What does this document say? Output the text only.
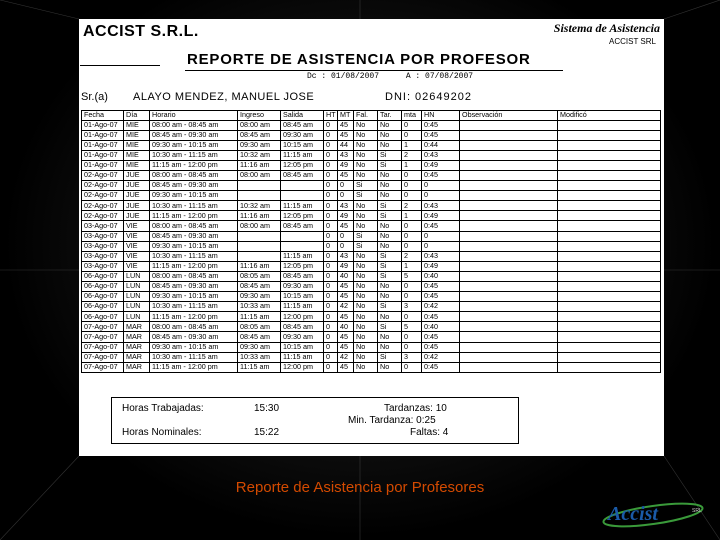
ACCIST S.R.L.	Sistema de Asistencia
ACCIST SRL
REPORTE DE ASISTENCIA POR PROFESOR
Dc : 01/08/2007	A : 07/08/2007
Sr.(a) ALAYO MENDEZ, MANUEL JOSE	DNI: 02649202
Fecha	Día	Horario	Ingreso	Salida	HT	MT	Fal.	Tar.	mta	HN	Observación	Modificó
01-Ago-07	MIE	08:00 am - 08:45 am	08:00 am	08:45 am	0	45	No	No	0	0:45		
01-Ago-07	MIE	08:45 am - 09:30 am	08:45 am	09:30 am	0	45	No	No	0	0:45		
01-Ago-07	MIE	09:30 am - 10:15 am	09:30 am	10:15 am	0	44	No	No	1	0:44		
01-Ago-07	MIE	10:30 am - 11:15 am	10:32 am	11:15 am	0	43	No	Si	2	0:43		
01-Ago-07	MIE	11:15 am - 12:00 pm	11:16 am	12:05 pm	0	49	No	Si	1	0:49		
02-Ago-07	JUE	08:00 am - 08:45 am	08:00 am	08:45 am	0	45	No	No	0	0:45		
02-Ago-07	JUE	08:45 am - 09:30 am			0	0	Si	No	0	0		
02-Ago-07	JUE	09:30 am - 10:15 am			0	0	Si	No	0	0		
02-Ago-07	JUE	10:30 am - 11:15 am	10:32 am	11:15 am	0	43	No	Si	2	0:43		
02-Ago-07	JUE	11:15 am - 12:00 pm	11:16 am	12:05 pm	0	49	No	Si	1	0:49		
03-Ago-07	VIE	08:00 am - 08:45 am	08:00 am	08:45 am	0	45	No	No	0	0:45		
03-Ago-07	VIE	08:45 am - 09:30 am			0	0	Si	No	0	0		
03-Ago-07	VIE	09:30 am - 10:15 am			0	0	Si	No	0	0		
03-Ago-07	VIE	10:30 am - 11:15 am		11:15 am	0	43	No	Si	2	0:43		
03-Ago-07	VIE	11:15 am - 12:00 pm	11:16 am	12:05 pm	0	49	No	Si	1	0:49		
06-Ago-07	LUN	08:00 am - 08:45 am	08:05 am	08:45 am	0	40	No	Si	5	0:40		
06-Ago-07	LUN	08:45 am - 09:30 am	08:45 am	09:30 am	0	45	No	No	0	0:45		
06-Ago-07	LUN	09:30 am - 10:15 am	09:30 am	10:15 am	0	45	No	No	0	0:45		
06-Ago-07	LUN	10:30 am - 11:15 am	10:33 am	11:15 am	0	42	No	Si	3	0:42		
06-Ago-07	LUN	11:15 am - 12:00 pm	11:15 am	12:00 pm	0	45	No	No	0	0:45		
07-Ago-07	MAR	08:00 am - 08:45 am	08:05 am	08:45 am	0	40	No	Si	5	0:40		
07-Ago-07	MAR	08:45 am - 09:30 am	08:45 am	09:30 am	0	45	No	No	0	0:45		
07-Ago-07	MAR	09:30 am - 10:15 am	09:30 am	10:15 am	0	45	No	No	0	0:45		
07-Ago-07	MAR	10:30 am - 11:15 am	10:33 am	11:15 am	0	42	No	Si	3	0:42		
07-Ago-07	MAR	11:15 am - 12:00 pm	11:15 am	12:00 pm	0	45	No	No	0	0:45		
Horas Trabajadas:	15:30	Tardanzas: 10
Min. Tardanza: 0:25
Horas Nominales:	15:22	Faltas: 4
Reporte de Asistencia por Profesores
Accist	SRL
